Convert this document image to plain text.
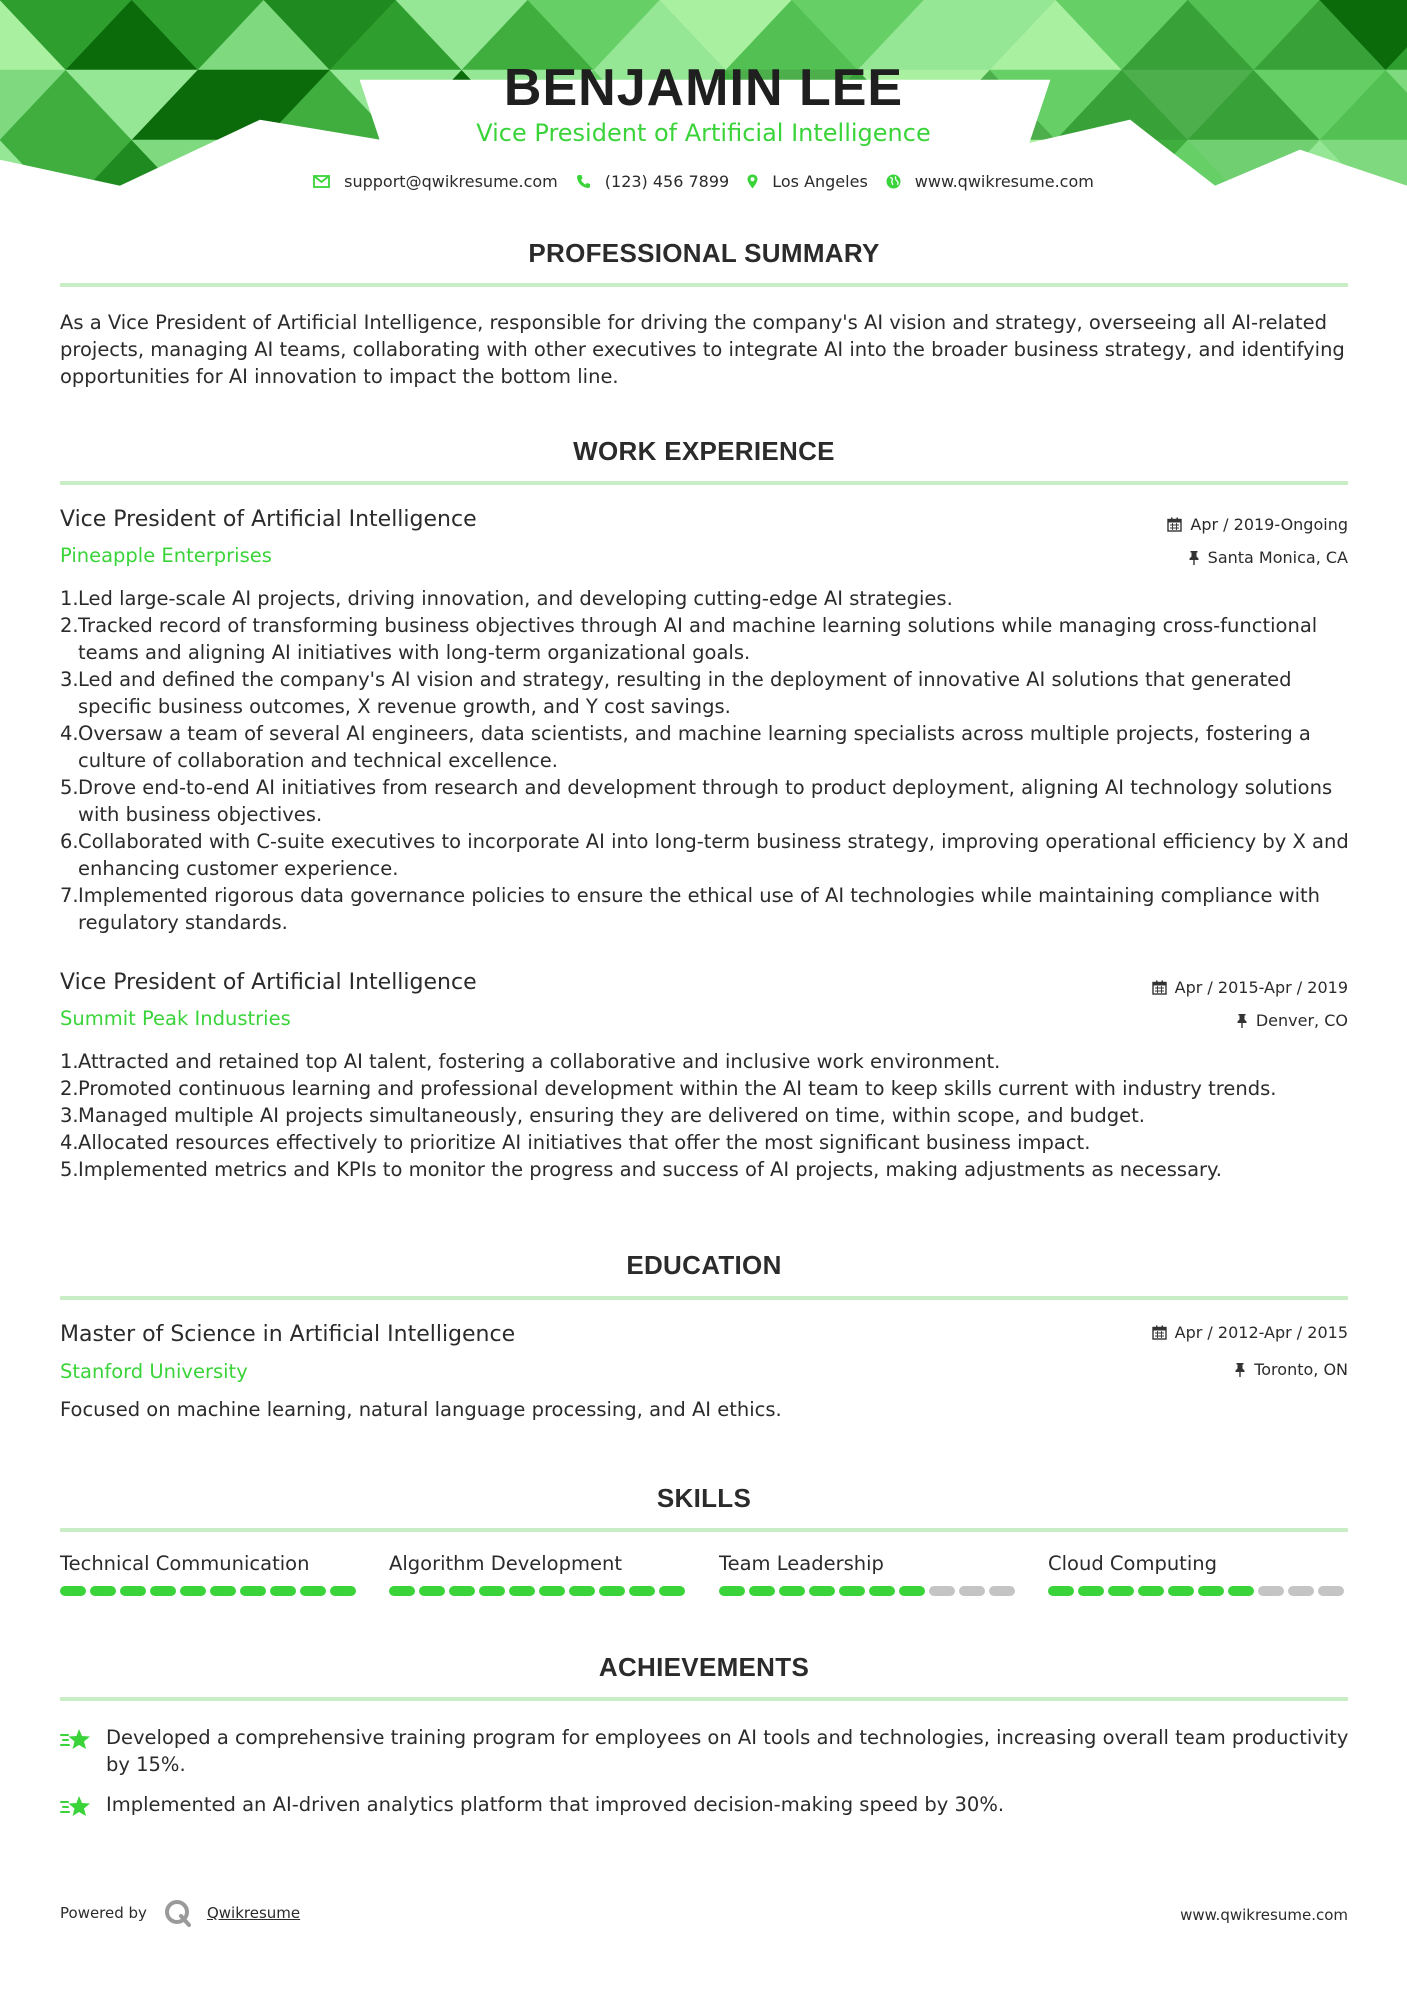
BENJAMIN LEE
Vice President of Artificial Intelligence
support@qwikresume.com	(123) 456 7899	Los Angeles	www.qwikresume.com
PROFESSIONAL SUMMARY
As a Vice President of Artificial Intelligence, responsible for driving the company's AI vision and strategy, overseeing all AI-related projects, managing AI teams, collaborating with other executives to integrate AI into the broader business strategy, and identifying opportunities for AI innovation to impact the bottom line.
WORK EXPERIENCE
Vice President of Artificial Intelligence
Pineapple Enterprises
Apr / 2019-Ongoing
Santa Monica, CA
Led large-scale AI projects, driving innovation, and developing cutting-edge AI strategies.
Tracked record of transforming business objectives through AI and machine learning solutions while managing cross-functional teams and aligning AI initiatives with long-term organizational goals.
Led and defined the company's AI vision and strategy, resulting in the deployment of innovative AI solutions that generated specific business outcomes, X revenue growth, and Y cost savings.
Oversaw a team of several AI engineers, data scientists, and machine learning specialists across multiple projects, fostering a culture of collaboration and technical excellence.
Drove end-to-end AI initiatives from research and development through to product deployment, aligning AI technology solutions with business objectives.
Collaborated with C-suite executives to incorporate AI into long-term business strategy, improving operational efficiency by X and enhancing customer experience.
Implemented rigorous data governance policies to ensure the ethical use of AI technologies while maintaining compliance with regulatory standards.
Vice President of Artificial Intelligence
Summit Peak Industries
Apr / 2015-Apr / 2019
Denver, CO
Attracted and retained top AI talent, fostering a collaborative and inclusive work environment.
Promoted continuous learning and professional development within the AI team to keep skills current with industry trends.
Managed multiple AI projects simultaneously, ensuring they are delivered on time, within scope, and budget.
Allocated resources effectively to prioritize AI initiatives that offer the most significant business impact.
Implemented metrics and KPIs to monitor the progress and success of AI projects, making adjustments as necessary.
EDUCATION
Master of Science in Artificial Intelligence
Stanford University
Apr / 2012-Apr / 2015
Toronto, ON
Focused on machine learning, natural language processing, and AI ethics.
SKILLS
Technical Communication	Algorithm Development	Team Leadership	Cloud Computing
ACHIEVEMENTS
Developed a comprehensive training program for employees on AI tools and technologies, increasing overall team productivity by 15%.
Implemented an AI-driven analytics platform that improved decision-making speed by 30%.
Powered by	Qwikresume	www.qwikresume.com
